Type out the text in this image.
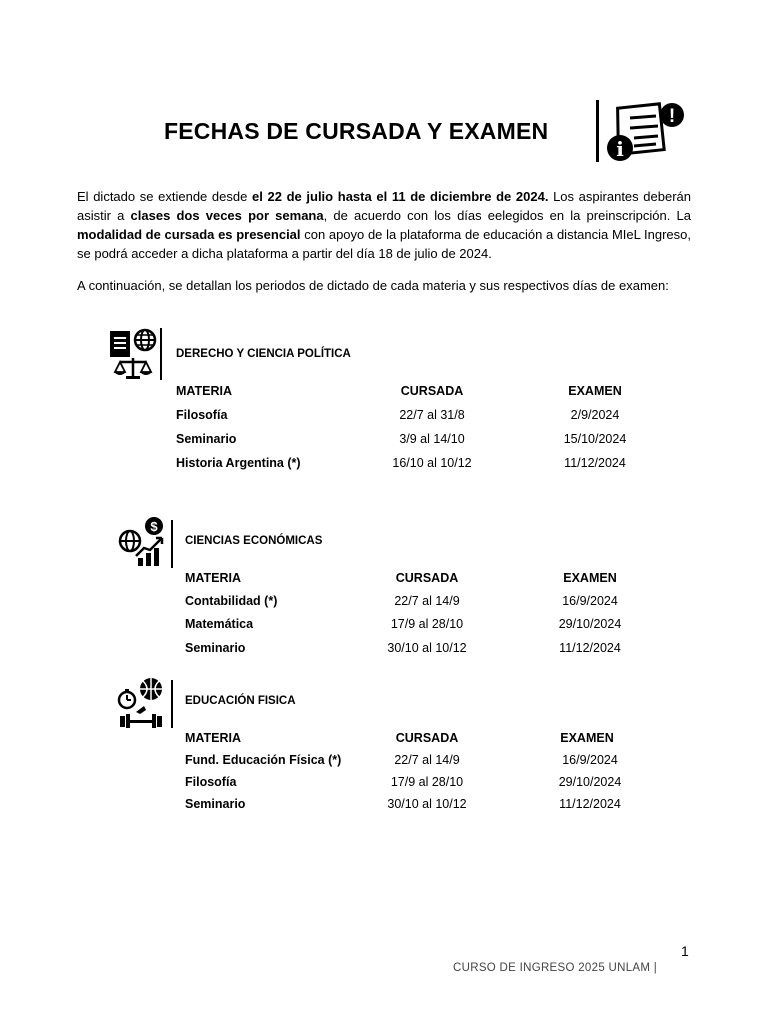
FECHAS DE CURSADA Y EXAMEN
i
!
El dictado se extiende desde el 22 de julio hasta el 11 de diciembre de 2024. Los aspirantes deberán asistir a clases dos veces por semana, de acuerdo con los días eelegidos en la preinscripción. La modalidad de cursada es presencial con apoyo de la plataforma de educación a distancia MIeL Ingreso, se podrá acceder a dicha plataforma a partir del día 18 de julio de 2024.
A continuación, se detallan los periodos de dictado de cada materia y sus respectivos días de examen:
DERECHO Y CIENCIA POLÍTICA
MATERIA	CURSADA	EXAMEN
Filosofía	22/7 al 31/8	2/9/2024
Seminario	3/9 al 14/10	15/10/2024
Historia Argentina (*)	16/10 al 10/12	11/12/2024
$
CIENCIAS ECONÓMICAS
MATERIA	CURSADA	EXAMEN
Contabilidad (*)	22/7 al 14/9	16/9/2024
Matemática	17/9 al 28/10	29/10/2024
Seminario	30/10 al 10/12	11/12/2024
EDUCACIÓN FISICA
MATERIA	CURSADA	EXAMEN
Fund. Educación Física (*)	22/7 al 14/9	16/9/2024
Filosofía	17/9 al 28/10	29/10/2024
Seminario	30/10 al 10/12	11/12/2024
1
CURSO DE INGRESO 2025 UNLAM |
